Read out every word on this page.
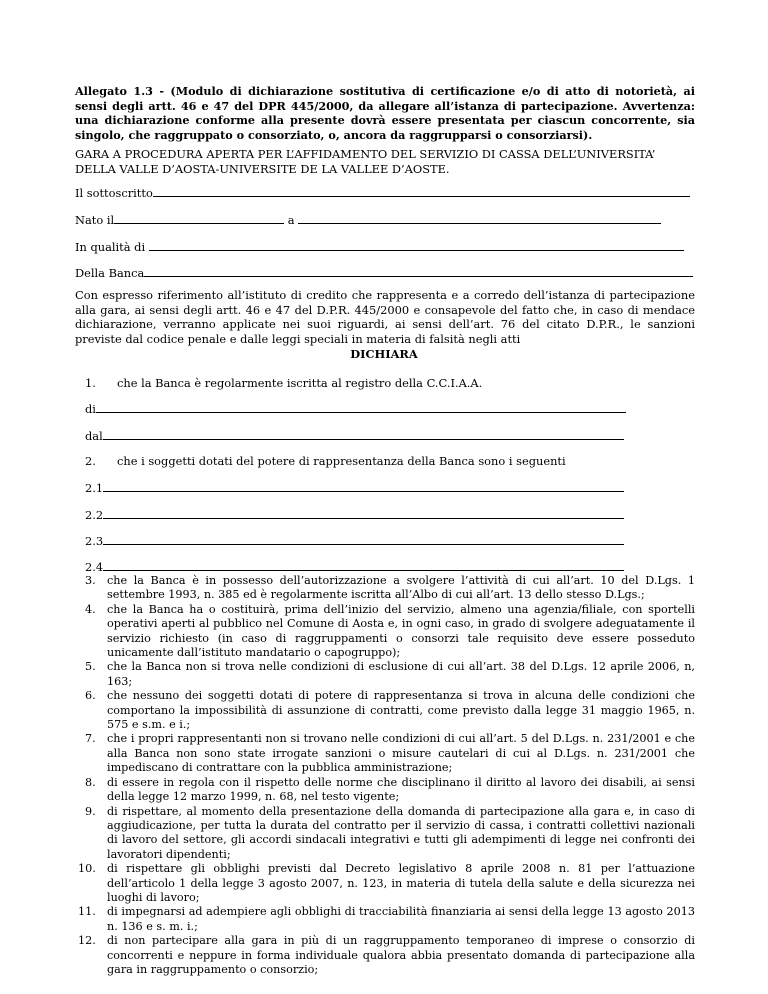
Allegato 1.3 - (Modulo di dichiarazione sostitutiva di certificazione e/o di atto di notorietà, ai sensi degli artt. 46 e 47 del DPR 445/2000, da allegare all’istanza di partecipazione. Avvertenza: una dichiarazione conforme alla presente dovrà essere presentata per ciascun concorrente, sia singolo, che raggruppato o consorziato, o, ancora da raggrupparsi o consorziarsi).
GARA A PROCEDURA APERTA PER L’AFFIDAMENTO DEL SERVIZIO DI CASSA DELL’UNIVERSITA’ DELLA VALLE D’AOSTA-UNIVERSITE DE LA VALLEE D’AOSTE.
Il sottoscritto
Nato il	a
In qualità di
Della Banca
Con espresso riferimento all’istituto di credito che rappresenta e a corredo dell’istanza di partecipazione alla gara, ai sensi degli artt. 46 e 47 del D.P.R. 445/2000 e consapevole del fatto che, in caso di mendace dichiarazione, verranno applicate nei suoi riguardi, ai sensi dell’art. 76 del citato D.P.R., le sanzioni previste dal codice penale e dalle leggi speciali in materia di falsità negli atti
DICHIARA
1. che la Banca è regolarmente iscritta al registro della C.C.I.A.A.
di
dal
2. che i soggetti dotati del potere di rappresentanza della Banca sono i seguenti
2.1
2.2
2.3
2.4
3. che la Banca è in possesso dell’autorizzazione a svolgere l’attività di cui all’art. 10 del D.Lgs. 1 settembre 1993, n. 385 ed è regolarmente iscritta all’Albo di cui all’art. 13 dello stesso D.Lgs.;
4. che la Banca ha o costituirà, prima dell’inizio del servizio, almeno una agenzia/filiale, con sportelli operativi aperti al pubblico nel Comune di Aosta e, in ogni caso, in grado di svolgere adeguatamente il servizio richiesto (in caso di raggruppamenti o consorzi tale requisito deve essere posseduto unicamente dall’istituto mandatario o capogruppo);
5. che la Banca non si trova nelle condizioni di esclusione di cui all’art. 38 del D.Lgs. 12 aprile 2006, n, 163;
6. che nessuno dei soggetti dotati di potere di rappresentanza si trova in alcuna delle condizioni che comportano la impossibilità di assunzione di contratti, come previsto dalla legge 31 maggio 1965, n. 575 e s.m. e i.;
7. che i propri rappresentanti non si trovano nelle condizioni di cui all’art. 5 del D.Lgs. n. 231/2001 e che alla Banca non sono state irrogate sanzioni o misure cautelari di cui al D.Lgs. n. 231/2001 che impediscano di contrattare con la pubblica amministrazione;
8. di essere in regola con il rispetto delle norme che disciplinano il diritto al lavoro dei disabili, ai sensi della legge 12 marzo 1999, n. 68, nel testo vigente;
9. di rispettare, al momento della presentazione della domanda di partecipazione alla gara e, in caso di aggiudicazione, per tutta la durata del contratto per il servizio di cassa, i contratti collettivi nazionali di lavoro del settore, gli accordi sindacali integrativi e tutti gli adempimenti di legge nei confronti dei lavoratori dipendenti;
10. di rispettare gli obblighi previsti dal Decreto legislativo 8 aprile 2008 n. 81 per l’attuazione dell’articolo 1 della legge 3 agosto 2007, n. 123, in materia di tutela della salute e della sicurezza nei luoghi di lavoro;
11. di impegnarsi ad adempiere agli obblighi di tracciabilità finanziaria ai sensi della legge 13 agosto 2013 n. 136 e s. m. i.;
12. di non partecipare alla gara in più di un raggruppamento temporaneo di imprese o consorzio di concorrenti e neppure in forma individuale qualora abbia presentato domanda di partecipazione alla gara in raggruppamento o consorzio;
